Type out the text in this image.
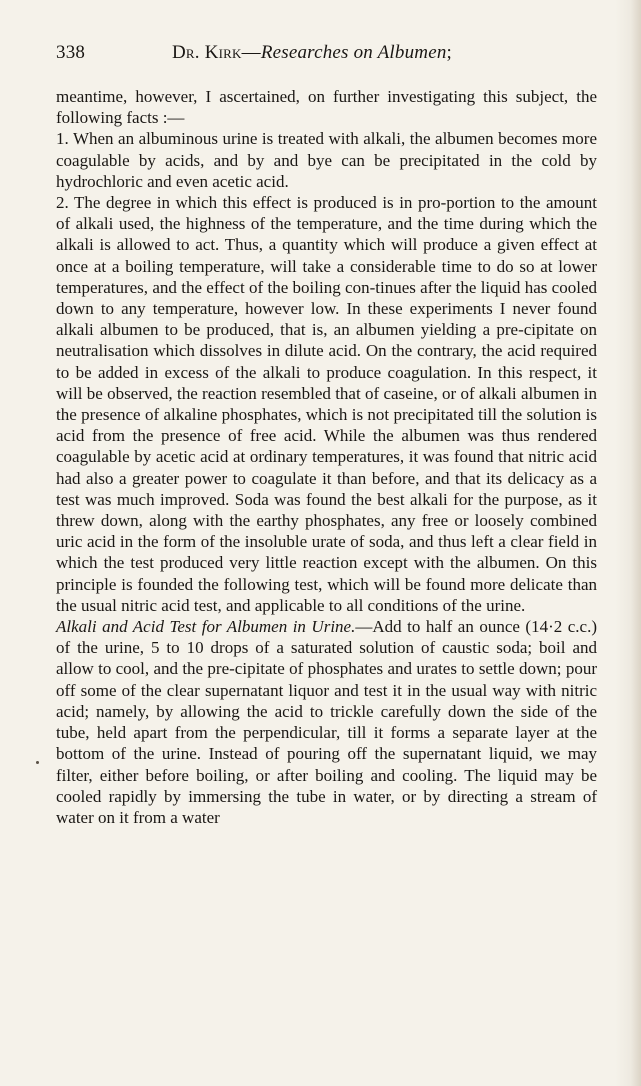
338	Dr. Kirk—Researches on Albumen;

meantime, however, I ascertained, on further investigating this subject, the following facts :—

1. When an albuminous urine is treated with alkali, the albumen becomes more coagulable by acids, and by and bye can be precipitated in the cold by hydrochloric and even acetic acid.

2. The degree in which this effect is produced is in pro-portion to the amount of alkali used, the highness of the temperature, and the time during which the alkali is allowed to act. Thus, a quantity which will produce a given effect at once at a boiling temperature, will take a considerable time to do so at lower temperatures, and the effect of the boiling con-tinues after the liquid has cooled down to any temperature, however low. In these experiments I never found alkali albumen to be produced, that is, an albumen yielding a pre-cipitate on neutralisation which dissolves in dilute acid. On the contrary, the acid required to be added in excess of the alkali to produce coagulation. In this respect, it will be observed, the reaction resembled that of caseine, or of alkali albumen in the presence of alkaline phosphates, which is not precipitated till the solution is acid from the presence of free acid. While the albumen was thus rendered coagulable by acetic acid at ordinary temperatures, it was found that nitric acid had also a greater power to coagulate it than before, and that its delicacy as a test was much improved. Soda was found the best alkali for the purpose, as it threw down, along with the earthy phosphates, any free or loosely combined uric acid in the form of the insoluble urate of soda, and thus left a clear field in which the test produced very little reaction except with the albumen. On this principle is founded the following test, which will be found more delicate than the usual nitric acid test, and applicable to all conditions of the urine.

Alkali and Acid Test for Albumen in Urine.—Add to half an ounce (14·2 c.c.) of the urine, 5 to 10 drops of a saturated solution of caustic soda; boil and allow to cool, and the pre-cipitate of phosphates and urates to settle down; pour off some of the clear supernatant liquor and test it in the usual way with nitric acid; namely, by allowing the acid to trickle carefully down the side of the tube, held apart from the perpendicular, till it forms a separate layer at the bottom of the urine. Instead of pouring off the supernatant liquid, we may filter, either before boiling, or after boiling and cooling. The liquid may be cooled rapidly by immersing the tube in water, or by directing a stream of water on it from a water
